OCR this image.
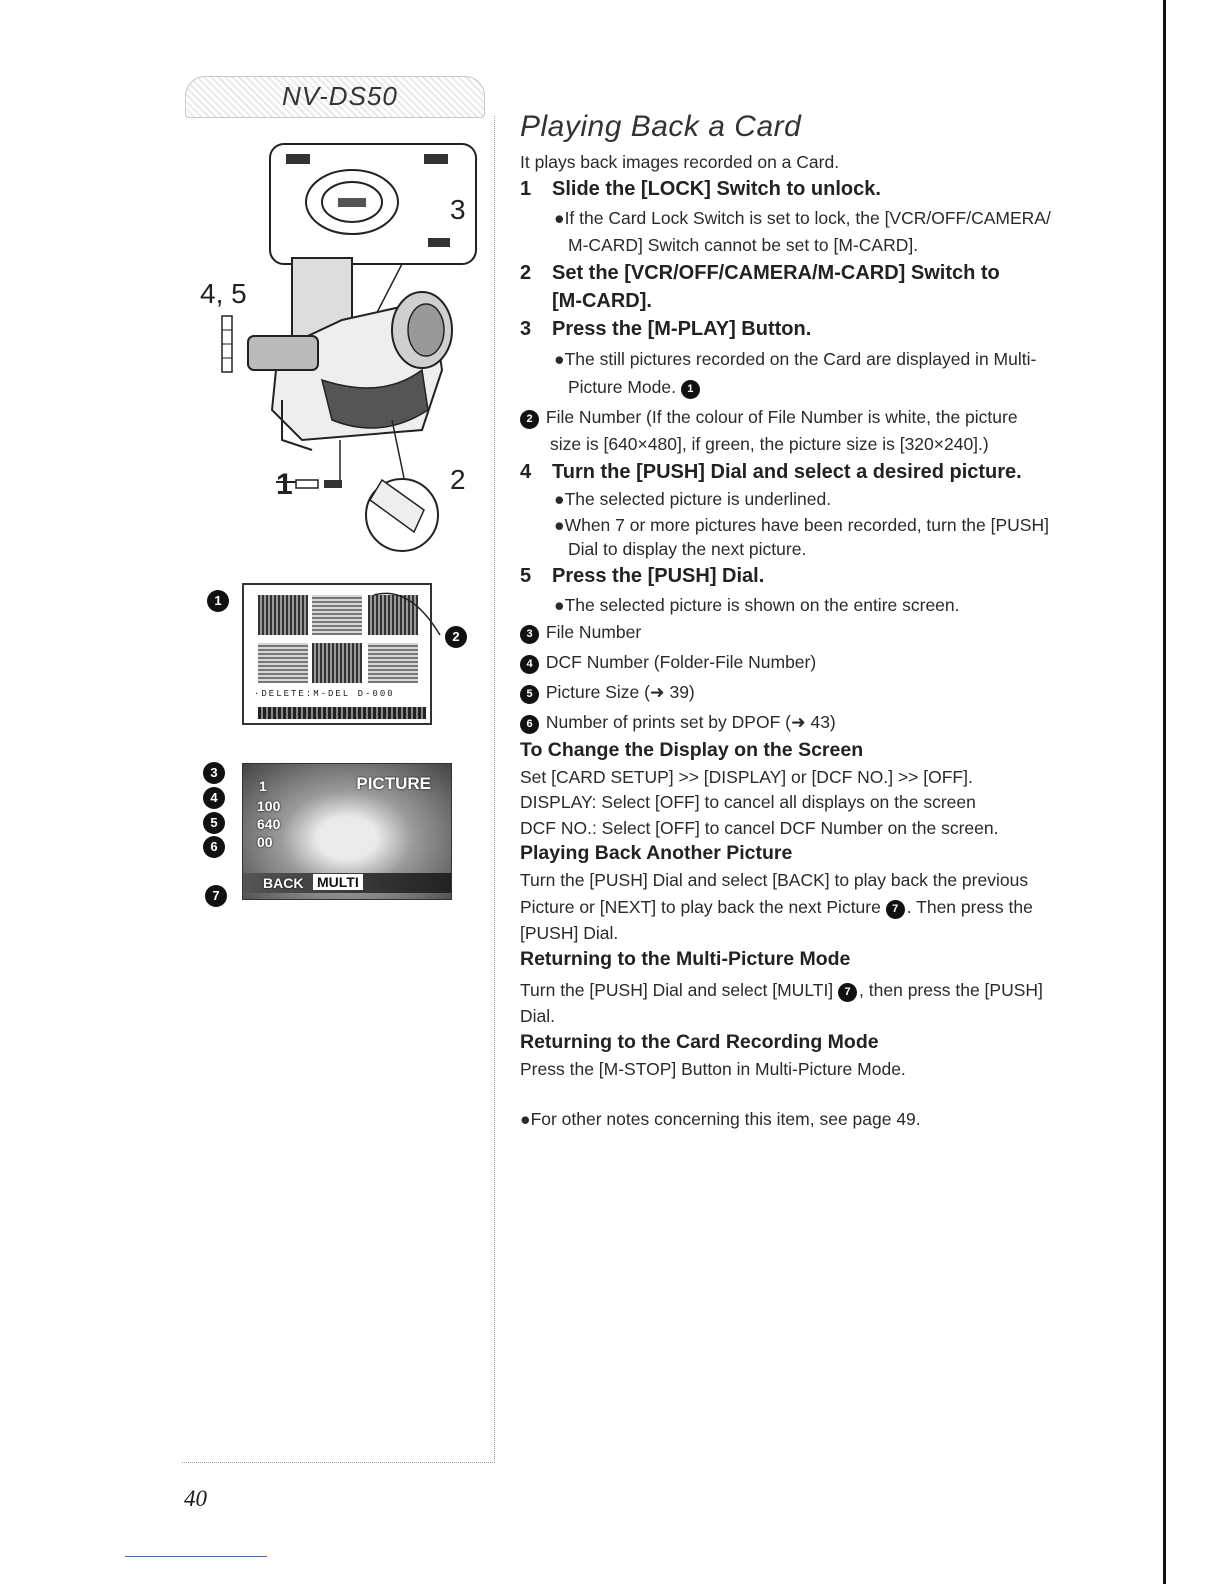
NV-DS50
4, 5
3
1	2
1
·DELETE:M-DEL D-000
2
PICTURE
1
100
640
00
BACK MULTI
3
4
5
6
7
40
Playing Back a Card
It plays back images recorded on a Card.
1 Slide the [LOCK] Switch to unlock.
●If the Card Lock Switch is set to lock, the [VCR/OFF/CAMERA/
M-CARD] Switch cannot be set to [M-CARD].
2 Set the [VCR/OFF/CAMERA/M-CARD] Switch to
[M-CARD].
3 Press the [M-PLAY] Button.
●The still pictures recorded on the Card are displayed in Multi-
Picture Mode. 1
2 File Number (If the colour of File Number is white, the picture
size is [640×480], if green, the picture size is [320×240].)
4 Turn the [PUSH] Dial and select a desired picture.
●The selected picture is underlined.
●When 7 or more pictures have been recorded, turn the [PUSH]
Dial to display the next picture.
5 Press the [PUSH] Dial.
●The selected picture is shown on the entire screen.
3 File Number
4 DCF Number (Folder-File Number)
5 Picture Size (➜ 39)
6 Number of prints set by DPOF (➜ 43)
To Change the Display on the Screen
Set [CARD SETUP] >> [DISPLAY] or [DCF NO.] >> [OFF].
DISPLAY: Select [OFF] to cancel all displays on the screen
DCF NO.: Select [OFF] to cancel DCF Number on the screen.
Playing Back Another Picture
Turn the [PUSH] Dial and select [BACK] to play back the previous
Picture or [NEXT] to play back the next Picture 7 . Then press the
[PUSH] Dial.
Returning to the Multi-Picture Mode
Turn the [PUSH] Dial and select [MULTI] 7 , then press the [PUSH]
Dial.
Returning to the Card Recording Mode
Press the [M-STOP] Button in Multi-Picture Mode.
●For other notes concerning this item, see page 49.
